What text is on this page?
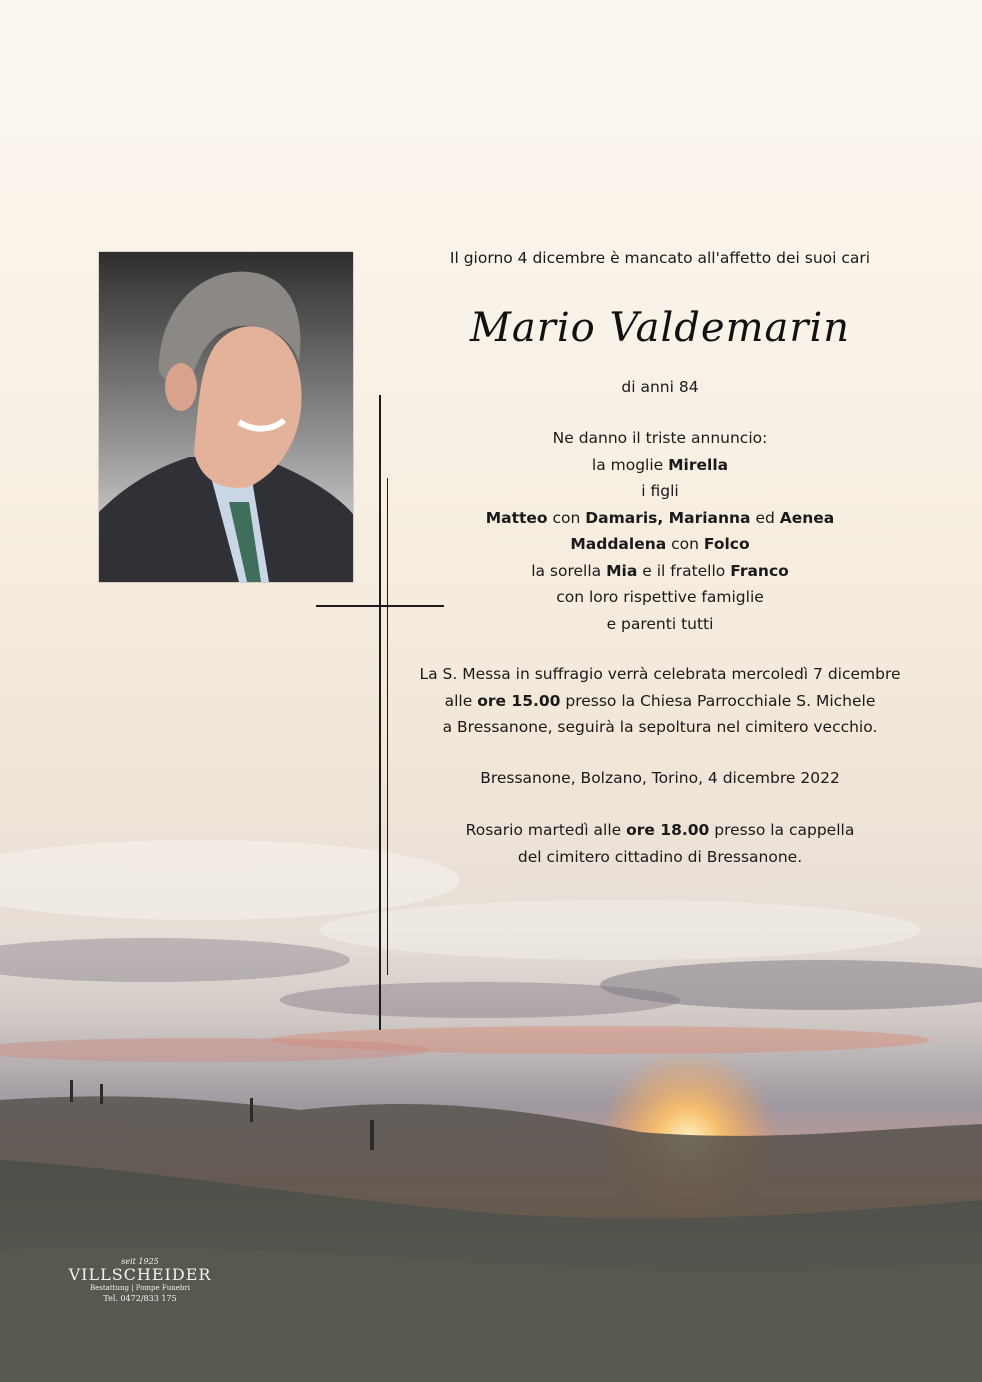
Il giorno 4 dicembre è mancato all'affetto dei suoi cari
Mario Valdemarin
di anni 84
Ne danno il triste annuncio:
la moglie Mirella
i figli
Matteo con Damaris, Marianna ed Aenea
Maddalena con Folco
la sorella Mia e il fratello Franco
con loro rispettive famiglie
e parenti tutti
La S. Messa in suffragio verrà celebrata mercoledì 7 dicembre
alle ore 15.00 presso la Chiesa Parrocchiale S. Michele
a Bressanone, seguirà la sepoltura nel cimitero vecchio.
Bressanone, Bolzano, Torino, 4 dicembre 2022
Rosario martedì alle ore 18.00 presso la cappella
del cimitero cittadino di Bressanone.
seit 1925
VILLSCHEIDER
Bestattung | Pompe Funebri
Tel. 0472/833 175
